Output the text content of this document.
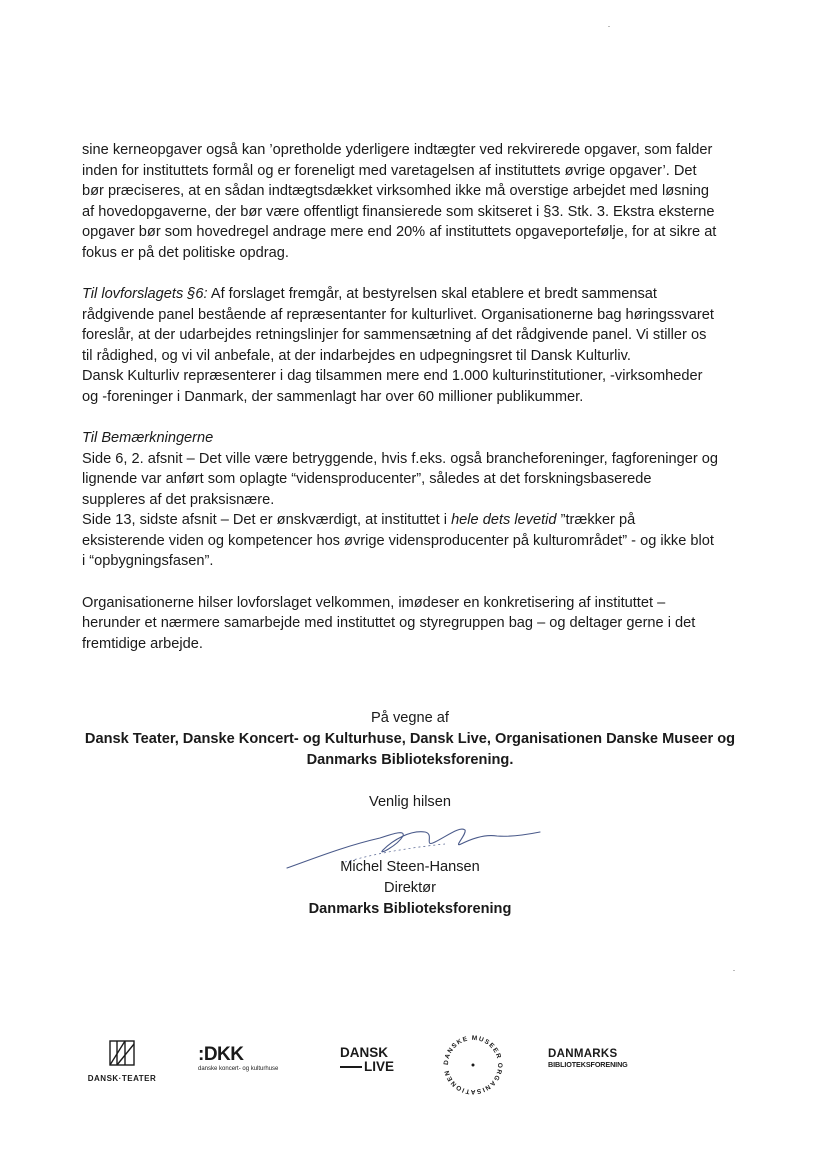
sine kerneopgaver også kan ’opretholde yderligere indtægter ved rekvirerede opgaver, som falder

inden for instituttets formål og er foreneligt med varetagelsen af instituttets øvrige opgaver’. Det

bør præciseres, at en sådan indtægtsdækket virksomhed ikke må overstige arbejdet med løsning

af hovedopgaverne, der bør være offentligt finansierede som skitseret i §3. Stk. 3. Ekstra eksterne

opgaver bør som hovedregel andrage mere end 20% af instituttets opgaveportefølje, for at sikre at

fokus er på det politiske opdrag.

Til lovforslagets §6: Af forslaget fremgår, at bestyrelsen skal etablere et bredt sammensat

rådgivende panel bestående af repræsentanter for kulturlivet. Organisationerne bag høringssvaret

foreslår, at der udarbejdes retningslinjer for sammensætning af det rådgivende panel. Vi stiller os

til rådighed, og vi vil anbefale, at der indarbejdes en udpegningsret til Dansk Kulturliv.

Dansk Kulturliv repræsenterer i dag tilsammen mere end 1.000 kulturinstitutioner, -virksomheder

og -foreninger i Danmark, der sammenlagt har over 60 millioner publikummer.

Til Bemærkningerne

Side 6, 2. afsnit – Det ville være betryggende, hvis f.eks. også brancheforeninger, fagforeninger og

lignende var anført som oplagte “vidensproducenter”, således at det forskningsbaserede

suppleres af det praksisnære.

Side 13, sidste afsnit – Det er ønskværdigt, at instituttet i hele dets levetid ”trækker på

eksisterende viden og kompetencer hos øvrige vidensproducenter på kulturområdet” - og ikke blot

i “opbygningsfasen”.

Organisationerne hilser lovforslaget velkommen, imødeser en konkretisering af instituttet –

herunder et nærmere samarbejde med instituttet og styregruppen bag – og deltager gerne i det

fremtidige arbejde.

På vegne af
Dansk Teater, Danske Koncert- og Kulturhuse, Dansk Live, Organisationen Danske Museer og
Danmarks Biblioteksforening.
Venlig hilsen
Michel Steen-Hansen
Direktør
Danmarks Biblioteksforening
DANSK·TEATER
:DKK
danske koncert- og kulturhuse
DANSK
LIVE	DANSKE MUSEER ORGANISATIONEN
DANMARKS
BIBLIOTEKSFORENING
